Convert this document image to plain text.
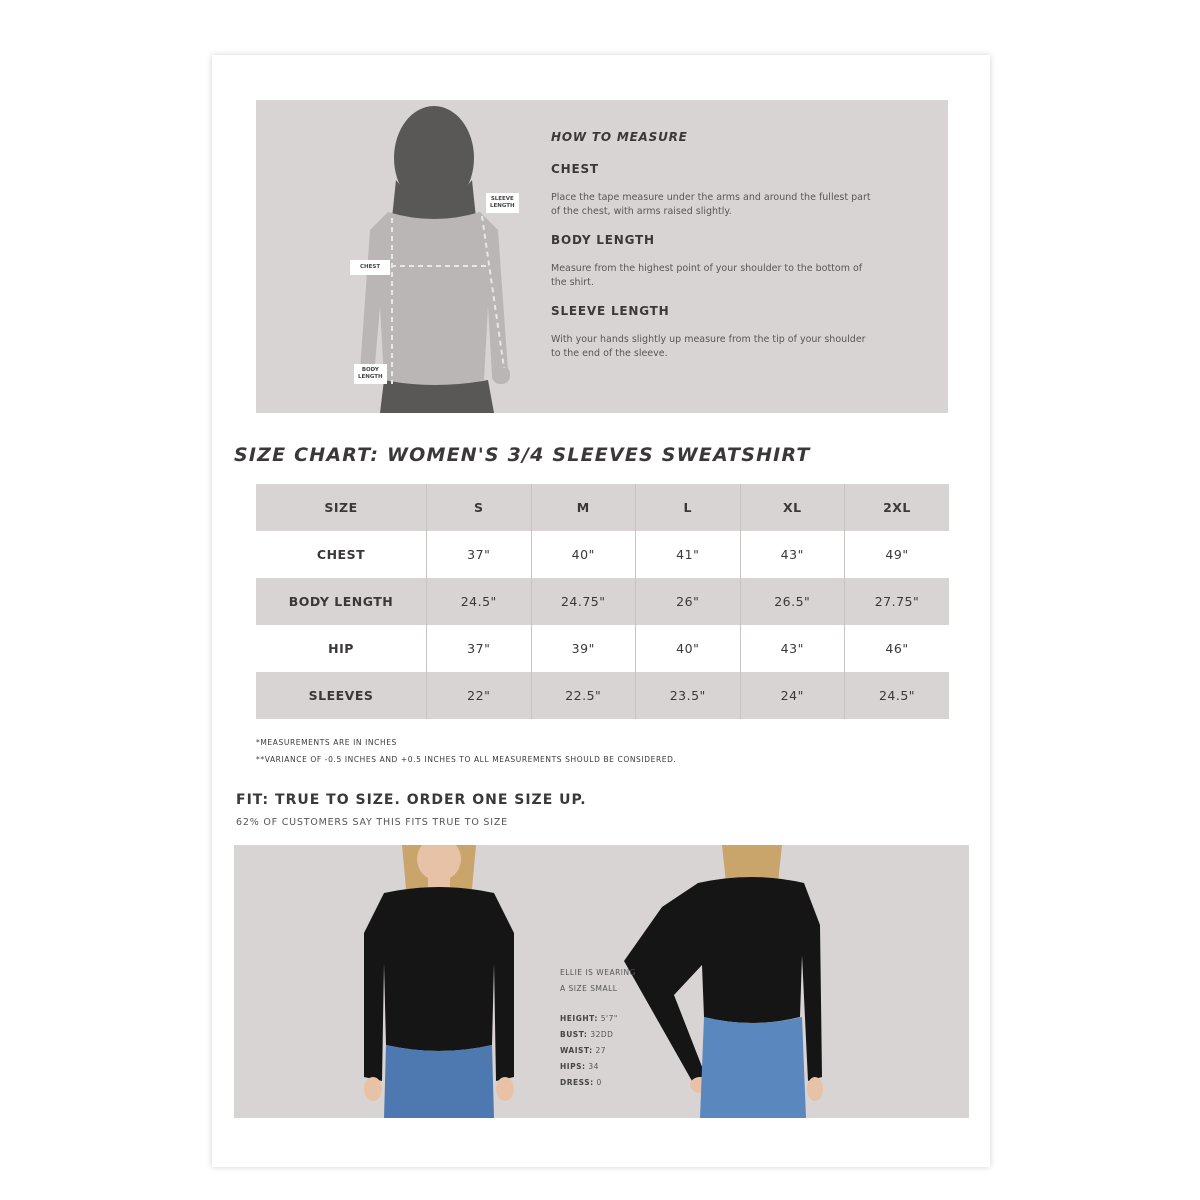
SLEEVE
LENGTH
CHEST
BODY
LENGTH
HOW TO MEASURE
CHEST
Place the tape measure under the arms and around the fullest part of the chest, with arms raised slightly.
BODY LENGTH
Measure from the highest point of your shoulder to the bottom of the shirt.
SLEEVE LENGTH
With your hands slightly up measure from the tip of your shoulder to the end of the sleeve.
SIZE CHART: WOMEN'S 3/4 SLEEVES SWEATSHIRT
SIZE	S	M	L	XL	2XL
CHEST	37"	40"	41"	43"	49"
BODY LENGTH	24.5"	24.75"	26"	26.5"	27.75"
HIP	37"	39"	40"	43"	46"
SLEEVES	22"	22.5"	23.5"	24"	24.5"
*MEASUREMENTS ARE IN INCHES
**VARIANCE OF -0.5 INCHES AND +0.5 INCHES TO ALL MEASUREMENTS SHOULD BE CONSIDERED.
FIT: TRUE TO SIZE. ORDER ONE SIZE UP.
62% OF CUSTOMERS SAY THIS FITS TRUE TO SIZE
ELLIE IS WEARING
A SIZE SMALL
HEIGHT: 5'7"
BUST: 32DD
WAIST: 27
HIPS: 34
DRESS: 0
